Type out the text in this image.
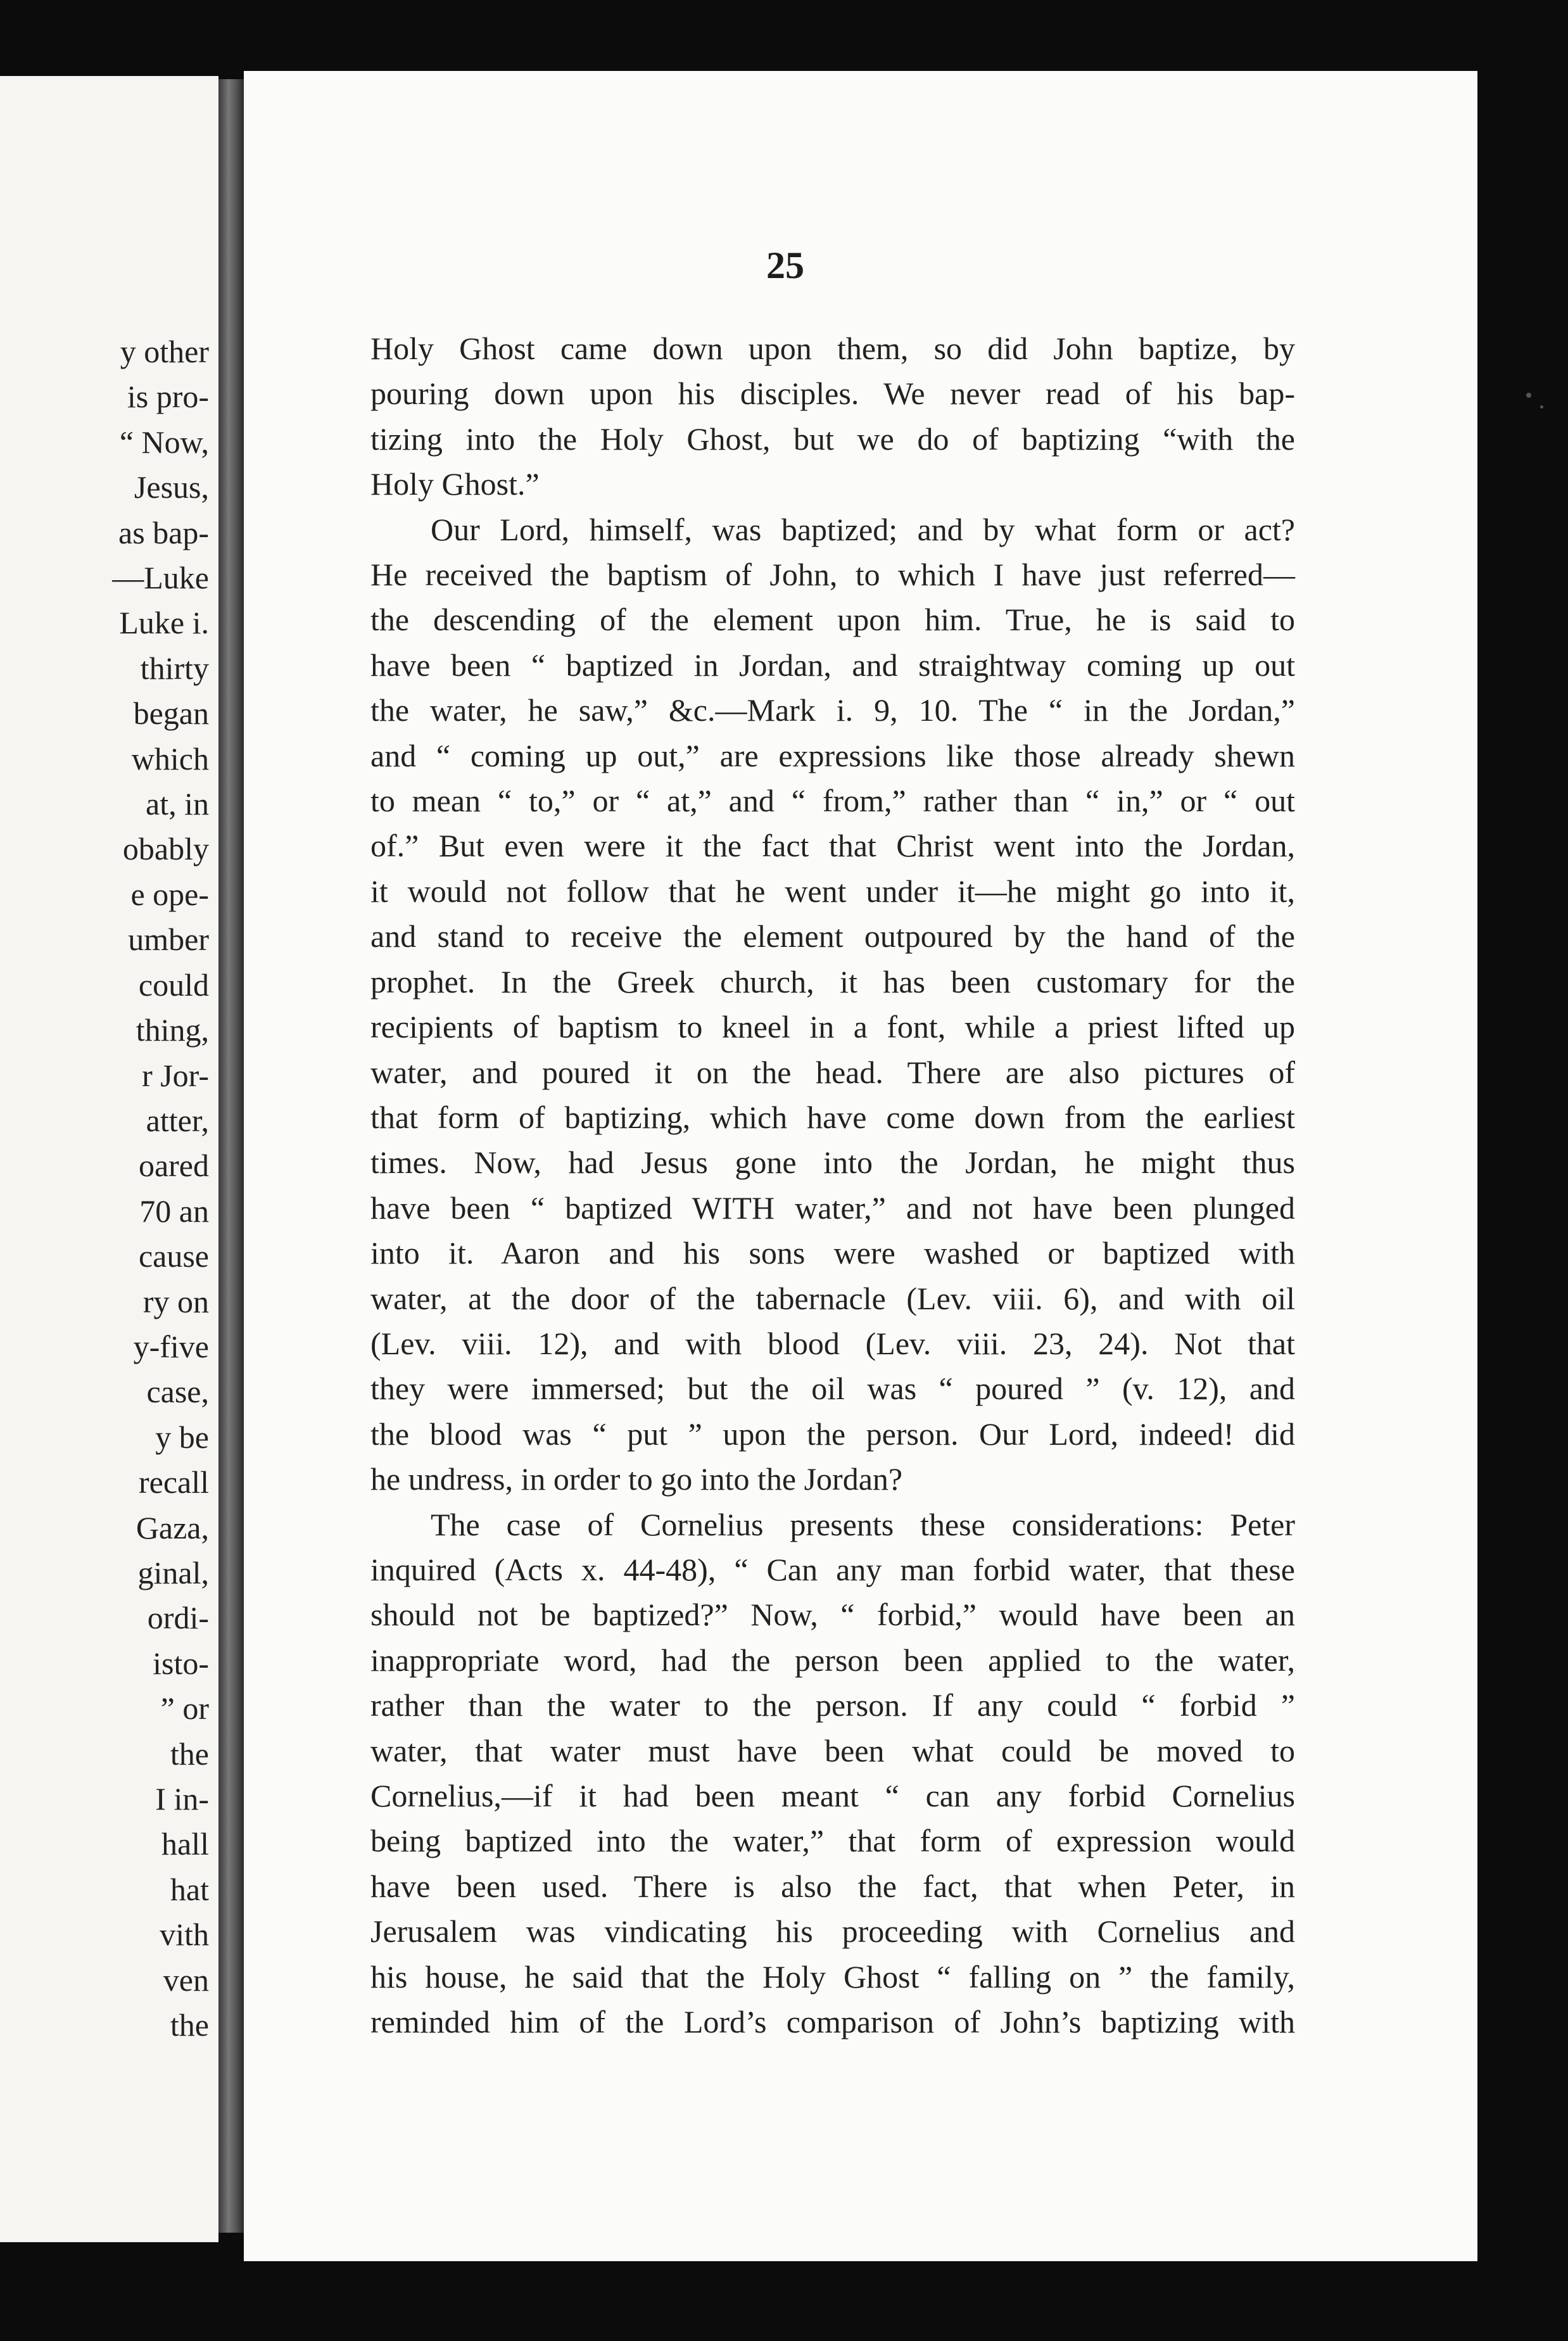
y other
is pro-
“ Now,
Jesus,
as bap-
—Luke
Luke i.
thirty
began
which
at, in
obably
e ope-
umber
could
thing,
r Jor-
atter,
oared
70 an
cause
ry on
y-five
case,
y be
recall
Gaza,
ginal,
ordi-
isto-
” or
the
I in-
hall
hat
vith
ven
the
25
Holy Ghost came down upon them, so did John baptize, by
pouring down upon his disciples. We never read of his bap-
tizing into the Holy Ghost, but we do of baptizing “with the
Holy Ghost.”
Our Lord, himself, was baptized; and by what form or act?
He received the baptism of John, to which I have just referred—
the descending of the element upon him. True, he is said to
have been “ baptized in Jordan, and straightway coming up out
the water, he saw,” &c.—Mark i. 9, 10. The “ in the Jordan,”
and “ coming up out,” are expressions like those already shewn
to mean “ to,” or “ at,” and “ from,” rather than “ in,” or “ out
of.” But even were it the fact that Christ went into the Jordan,
it would not follow that he went under it—he might go into it,
and stand to receive the element outpoured by the hand of the
prophet. In the Greek church, it has been customary for the
recipients of baptism to kneel in a font, while a priest lifted up
water, and poured it on the head. There are also pictures of
that form of baptizing, which have come down from the earliest
times. Now, had Jesus gone into the Jordan, he might thus
have been “ baptized WITH water,” and not have been plunged
into it. Aaron and his sons were washed or baptized with
water, at the door of the tabernacle (Lev. viii. 6), and with oil
(Lev. viii. 12), and with blood (Lev. viii. 23, 24). Not that
they were immersed; but the oil was “ poured ” (v. 12), and
the blood was “ put ” upon the person. Our Lord, indeed! did
he undress, in order to go into the Jordan?
The case of Cornelius presents these considerations: Peter
inquired (Acts x. 44-48), “ Can any man forbid water, that these
should not be baptized?” Now, “ forbid,” would have been an
inappropriate word, had the person been applied to the water,
rather than the water to the person. If any could “ forbid ”
water, that water must have been what could be moved to
Cornelius,—if it had been meant “ can any forbid Cornelius
being baptized into the water,” that form of expression would
have been used. There is also the fact, that when Peter, in
Jerusalem was vindicating his proceeding with Cornelius and
his house, he said that the Holy Ghost “ falling on ” the family,
reminded him of the Lord’s comparison of John’s baptizing with
